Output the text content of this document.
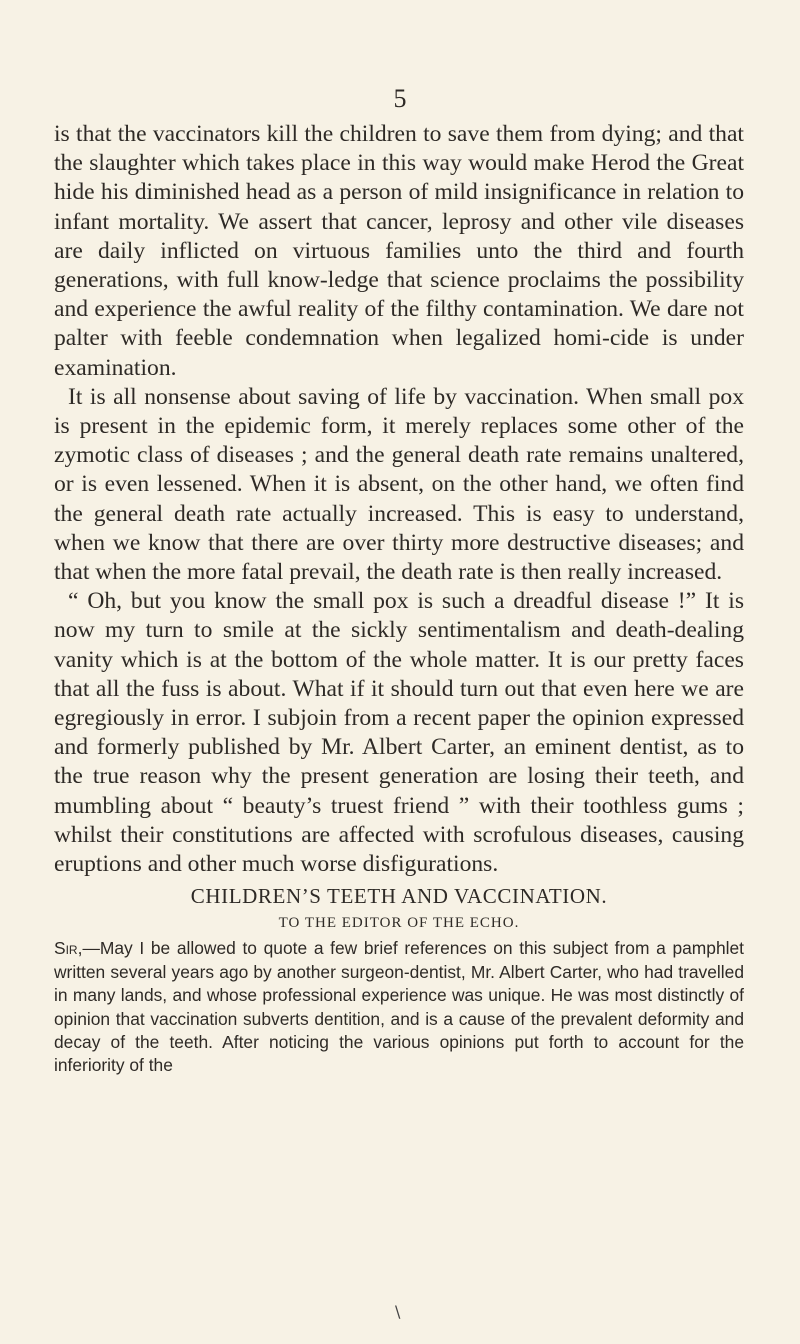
5

is that the vaccinators kill the children to save them from dying; and that the slaughter which takes place in this way would make Herod the Great hide his diminished head as a person of mild insignificance in relation to infant mortality. We assert that cancer, leprosy and other vile diseases are daily inflicted on virtuous families unto the third and fourth generations, with full know-ledge that science proclaims the possibility and experience the awful reality of the filthy contamination. We dare not palter with feeble condemnation when legalized homi-cide is under examination.

It is all nonsense about saving of life by vaccination. When small pox is present in the epidemic form, it merely replaces some other of the zymotic class of diseases ; and the general death rate remains unaltered, or is even lessened. When it is absent, on the other hand, we often find the general death rate actually increased. This is easy to understand, when we know that there are over thirty more destructive diseases; and that when the more fatal prevail, the death rate is then really increased.

“ Oh, but you know the small pox is such a dreadful disease !” It is now my turn to smile at the sickly sentimentalism and death-dealing vanity which is at the bottom of the whole matter. It is our pretty faces that all the fuss is about. What if it should turn out that even here we are egregiously in error. I subjoin from a recent paper the opinion expressed and formerly published by Mr. Albert Carter, an eminent dentist, as to the true reason why the present generation are losing their teeth, and mumbling about “ beauty’s truest friend ” with their toothless gums ; whilst their constitutions are affected with scrofulous diseases, causing eruptions and other much worse disfigurations.

CHILDREN’S TEETH AND VACCINATION.
TO THE EDITOR OF THE ECHO.

Sir,—May I be allowed to quote a few brief references on this subject from a pamphlet written several years ago by another surgeon-dentist, Mr. Albert Carter, who had travelled in many lands, and whose professional experience was unique. He was most distinctly of opinion that vaccination subverts dentition, and is a cause of the prevalent deformity and decay of the teeth. After noticing the various opinions put forth to account for the inferiority of the

\
